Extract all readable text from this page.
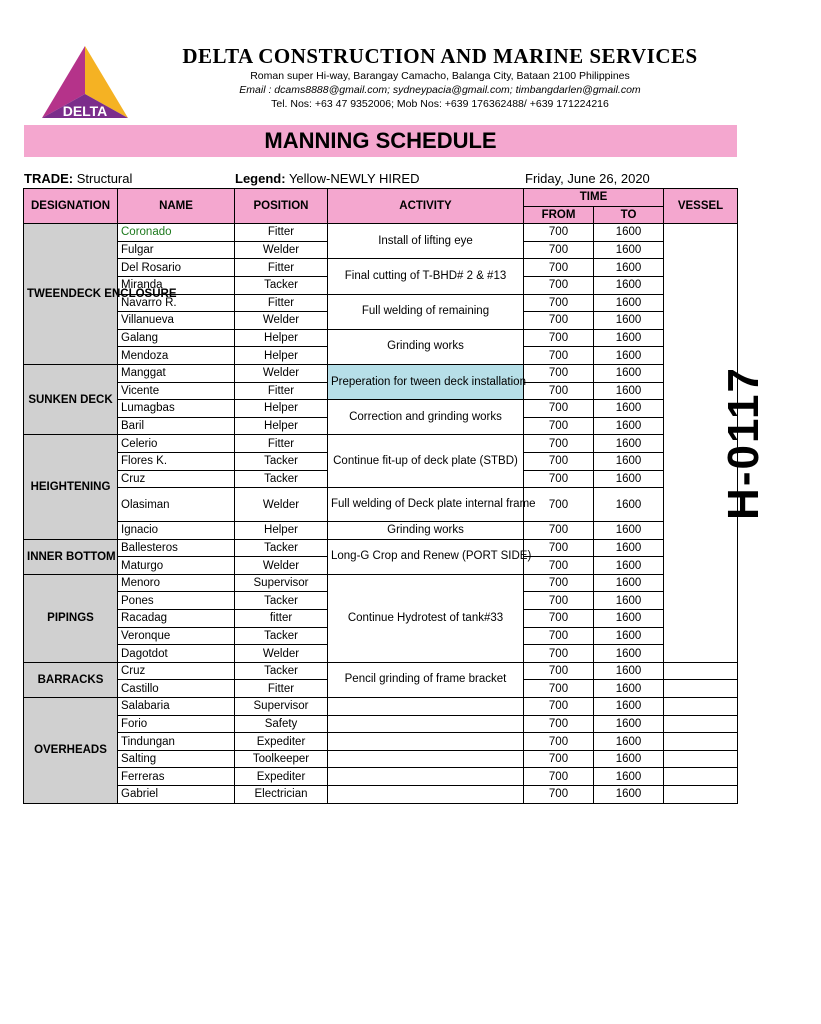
DELTA
DELTA CONSTRUCTION AND MARINE SERVICES
Roman super Hi-way, Barangay Camacho, Balanga City, Bataan 2100 Philippines
Email : dcams8888@gmail.com; sydneypacia@gmail.com; timbangdarlen@gmail.com
Tel. Nos: +63 47 9352006; Mob Nos: +639 176362488/ +639 171224216
MANNING SCHEDULE
TRADE: Structural	Legend: Yellow-NEWLY HIRED	Friday, June 26, 2020
DESIGNATION	NAME	POSITION	ACTIVITY	TIME		VESSEL
				FROM	TO	
TWEENDECK ENCLOSURE	Coronado	Fitter	Install of lifting eye	700	1600	H-0117
	Fulgar	Welder		700	1600	
	Del Rosario	Fitter	Final cutting of T-BHD# 2 & #13	700	1600	
	Miranda	Tacker		700	1600	
	Navarro R.	Fitter	Full welding of remaining	700	1600	
	Villanueva	Welder		700	1600	
	Galang	Helper	Grinding works	700	1600	
	Mendoza	Helper		700	1600	
SUNKEN DECK	Manggat	Welder	Preperation for tween deck installation	700	1600	
	Vicente	Fitter		700	1600	
	Lumagbas	Helper	Correction and grinding works	700	1600	
	Baril	Helper		700	1600	
HEIGHTENING	Celerio	Fitter	Continue fit-up of deck plate (STBD)	700	1600	
	Flores K.	Tacker		700	1600	
	Cruz	Tacker		700	1600	
	Olasiman	Welder	Full welding of Deck plate internal frame	700	1600	
	Ignacio	Helper	Grinding works	700	1600	
INNER BOTTOM	Ballesteros	Tacker	Long-G Crop and Renew (PORT SIDE)	700	1600	
	Maturgo	Welder		700	1600	
PIPINGS	Menoro	Supervisor	Continue Hydrotest of tank#33	700	1600	
	Pones	Tacker		700	1600	
	Racadag	fitter		700	1600	
	Veronque	Tacker		700	1600	
	Dagotdot	Welder		700	1600	
BARRACKS	Cruz	Tacker	Pencil grinding of frame bracket	700	1600	
	Castillo	Fitter		700	1600	
OVERHEADS	Salabaria	Supervisor		700	1600	
	Forio	Safety		700	1600	
	Tindungan	Expediter		700	1600	
	Salting	Toolkeeper		700	1600	
	Ferreras	Expediter		700	1600	
	Gabriel	Electrician		700	1600	
